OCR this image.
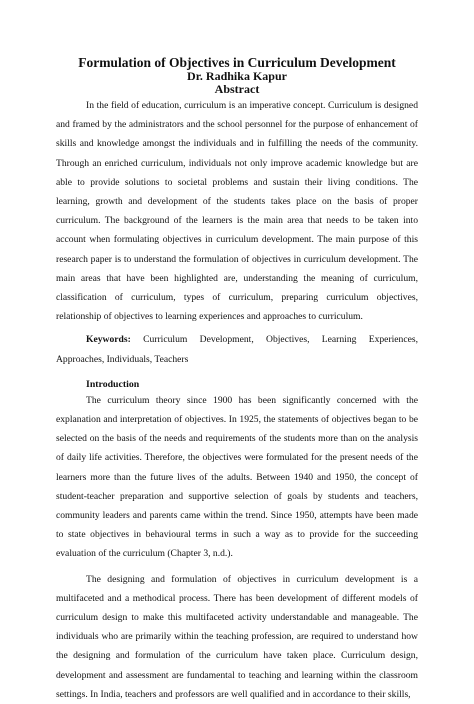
Formulation of Objectives in Curriculum Development
Dr. Radhika Kapur
Abstract

In the field of education, curriculum is an imperative concept. Curriculum is designed and framed by the administrators and the school personnel for the purpose of enhancement of skills and knowledge amongst the individuals and in fulfilling the needs of the community. Through an enriched curriculum, individuals not only improve academic knowledge but are able to provide solutions to societal problems and sustain their living conditions. The learning, growth and development of the students takes place on the basis of proper curriculum. The background of the learners is the main area that needs to be taken into account when formulating objectives in curriculum development. The main purpose of this research paper is to understand the formulation of objectives in curriculum development. The main areas that have been highlighted are, understanding the meaning of curriculum, classification of curriculum, types of curriculum, preparing curriculum objectives, relationship of objectives to learning experiences and approaches to curriculum.

Keywords: Curriculum Development, Objectives, Learning Experiences, Approaches, Individuals, Teachers

Introduction

The curriculum theory since 1900 has been significantly concerned with the explanation and interpretation of objectives. In 1925, the statements of objectives began to be selected on the basis of the needs and requirements of the students more than on the analysis of daily life activities. Therefore, the objectives were formulated for the present needs of the learners more than the future lives of the adults. Between 1940 and 1950, the concept of student-teacher preparation and supportive selection of goals by students and teachers, community leaders and parents came within the trend. Since 1950, attempts have been made to state objectives in behavioural terms in such a way as to provide for the succeeding evaluation of the curriculum (Chapter 3, n.d.).

The designing and formulation of objectives in curriculum development is a multifaceted and a methodical process. There has been development of different models of curriculum design to make this multifaceted activity understandable and manageable. The individuals who are primarily within the teaching profession, are required to understand how the designing and formulation of the curriculum have taken place. Curriculum design, development and assessment are fundamental to teaching and learning within the classroom settings. In India, teachers and professors are well qualified and in accordance to their skills,
